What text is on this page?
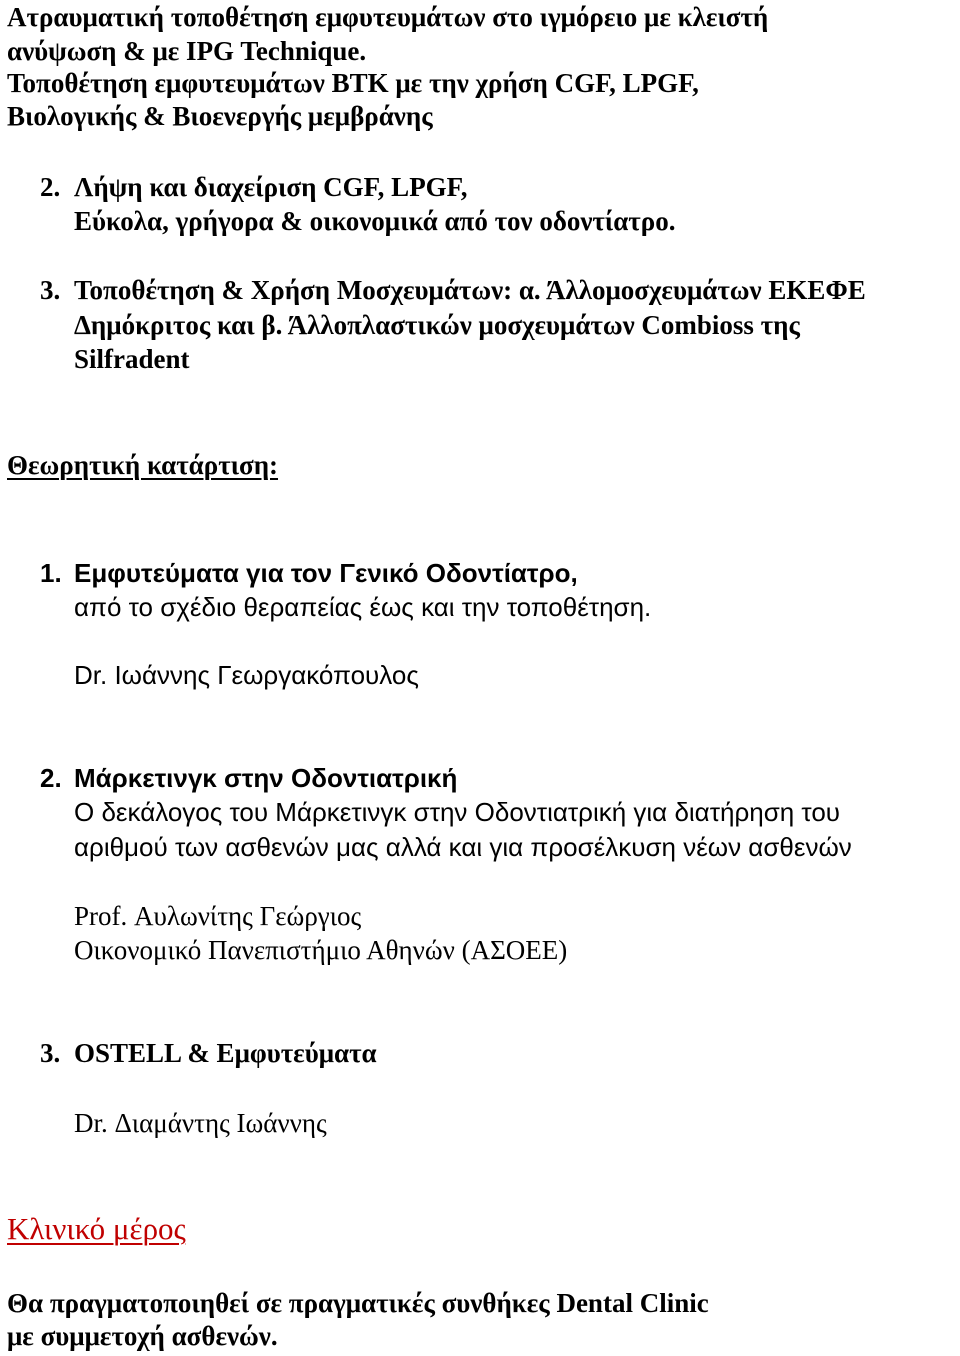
Ατραυματική τοποθέτηση εμφυτευμάτων στο ιγμόρειο με κλειστή
ανύψωση & με IPG Technique.
Τοποθέτηση εμφυτευμάτων BTK με την χρήση CGF, LPGF,
Βιολογικής & Βιοενεργής μεμβράνης
2. Λήψη και διαχείριση CGF, LPGF,
Εύκολα, γρήγορα & οικονομικά από τον οδοντίατρο.
3. Τοποθέτηση & Χρήση Μοσχευμάτων: α. Άλλομοσχευμάτων ΕΚΕΦΕ
Δημόκριτος και β. Άλλοπλαστικών μοσχευμάτων Combioss της
Silfradent
Θεωρητική κατάρτιση:
1. Εμφυτεύματα για τον Γενικό Οδοντίατρο,
από το σχέδιο θεραπείας έως και την τοποθέτηση.
Dr. Ιωάννης Γεωργακόπουλος
2. Μάρκετινγκ στην Οδοντιατρική
Ο δεκάλογος του Μάρκετινγκ στην Οδοντιατρική για διατήρηση του
αριθμού των ασθενών μας αλλά και για προσέλκυση νέων ασθενών
Prof. Αυλωνίτης Γεώργιος
Οικονομικό Πανεπιστήμιο Αθηνών (ΑΣΟΕΕ)
3. OSTELL & Εμφυτεύματα
Dr. Διαμάντης Ιωάννης
Κλινικό μέρος
Θα πραγματοποιηθεί σε πραγματικές συνθήκες Dental Clinic
με συμμετοχή ασθενών.
